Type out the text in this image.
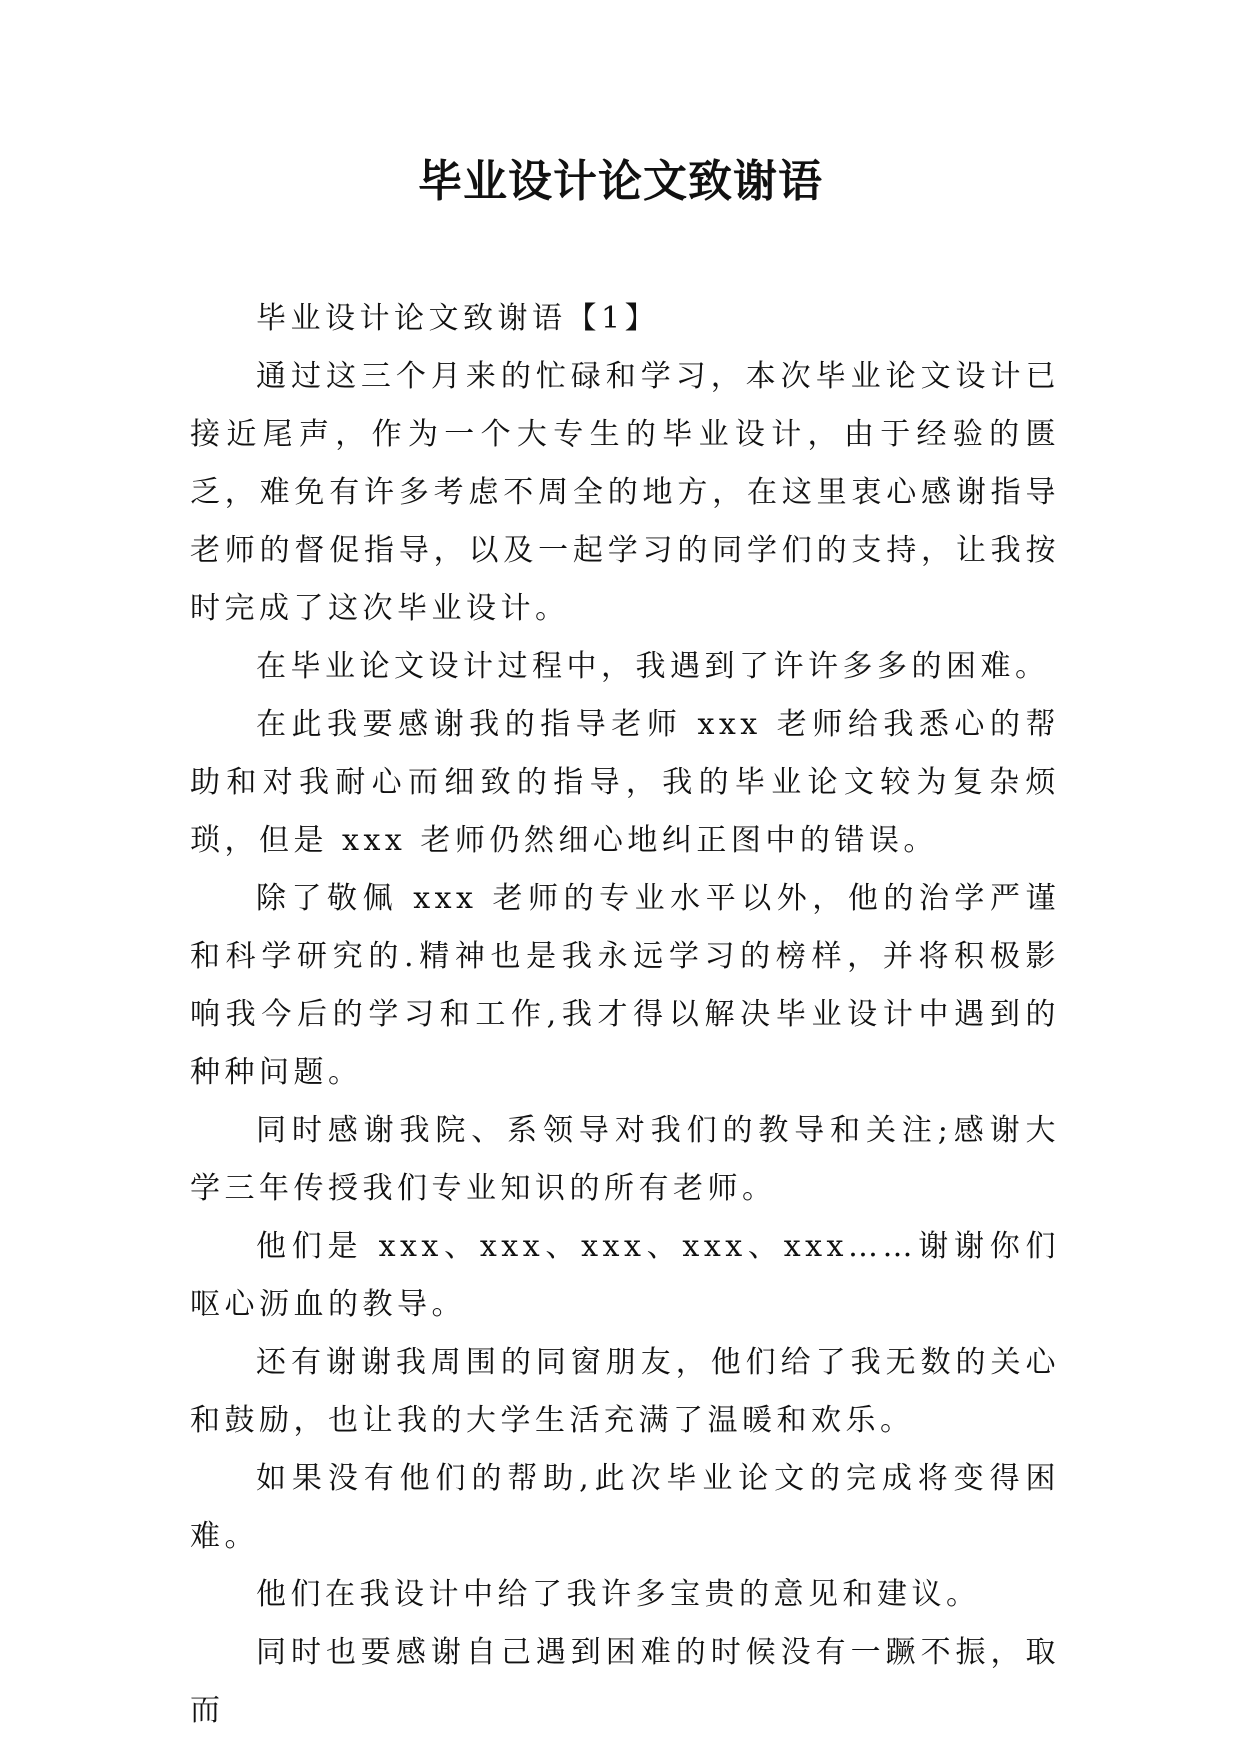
毕业设计论文致谢语

毕业设计论文致谢语【1】

通过这三个月来的忙碌和学习，本次毕业论文设计已接近尾声，作为一个大专生的毕业设计，由于经验的匮乏，难免有许多考虑不周全的地方，在这里衷心感谢指导老师的督促指导，以及一起学习的同学们的支持，让我按时完成了这次毕业设计。

在毕业论文设计过程中，我遇到了许许多多的困难。

在此我要感谢我的指导老师 xxx 老师给我悉心的帮助和对我耐心而细致的指导，我的毕业论文较为复杂烦琐，但是 xxx 老师仍然细心地纠正图中的错误。

除了敬佩 xxx 老师的专业水平以外，他的治学严谨和科学研究的.精神也是我永远学习的榜样，并将积极影响我今后的学习和工作,我才得以解决毕业设计中遇到的种种问题。

同时感谢我院、系领导对我们的教导和关注;感谢大学三年传授我们专业知识的所有老师。

他们是 xxx、xxx、xxx、xxx、xxx……谢谢你们呕心沥血的教导。

还有谢谢我周围的同窗朋友，他们给了我无数的关心和鼓励，也让我的大学生活充满了温暖和欢乐。

如果没有他们的帮助,此次毕业论文的完成将变得困难。

他们在我设计中给了我许多宝贵的意见和建议。

同时也要感谢自己遇到困难的时候没有一蹶不振，取而
